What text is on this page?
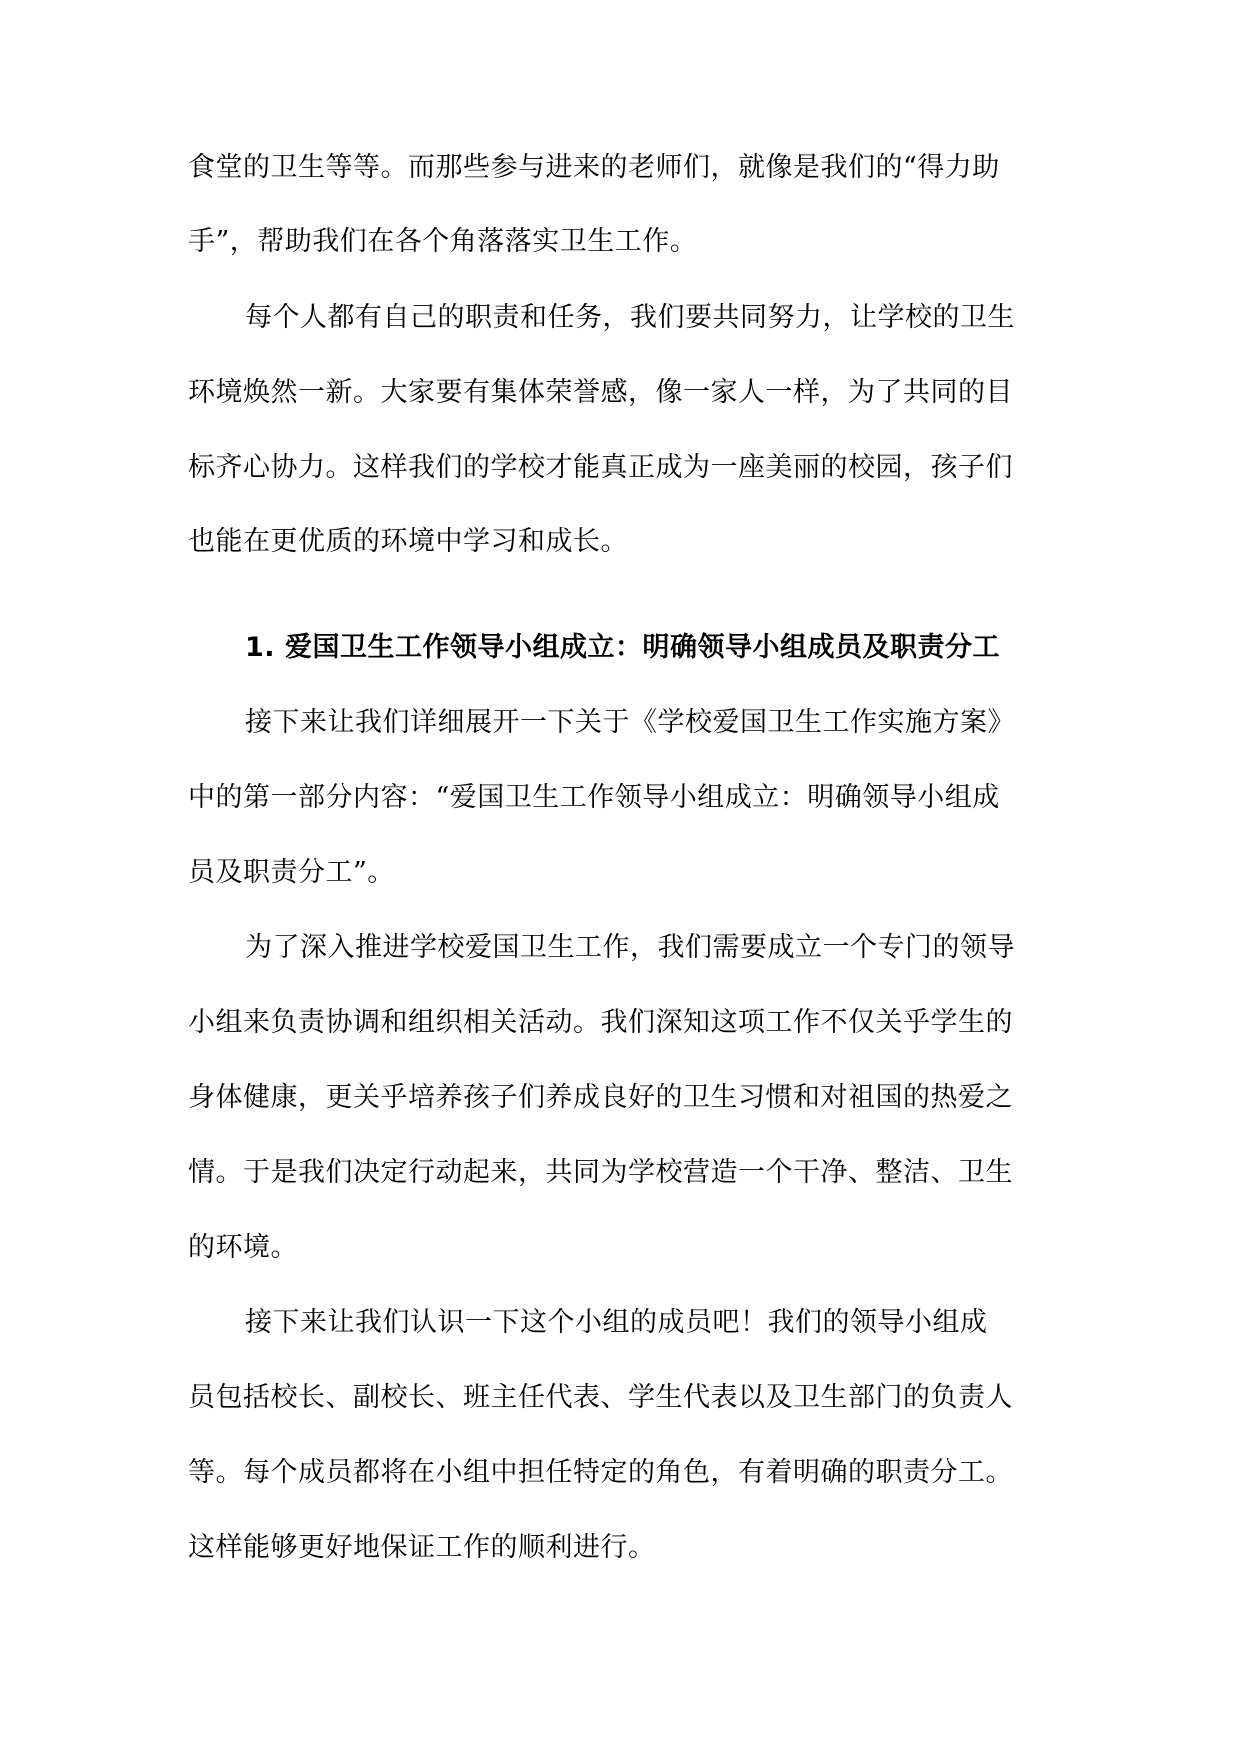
食堂的卫生等等。而那些参与进来的老师们，就像是我们的“得力助
手”，帮助我们在各个角落落实卫生工作。
每个人都有自己的职责和任务，我们要共同努力，让学校的卫生
环境焕然一新。大家要有集体荣誉感，像一家人一样，为了共同的目
标齐心协力。这样我们的学校才能真正成为一座美丽的校园，孩子们
也能在更优质的环境中学习和成长。
1. 爱国卫生工作领导小组成立：明确领导小组成员及职责分工
接下来让我们详细展开一下关于《学校爱国卫生工作实施方案》
中的第一部分内容：“爱国卫生工作领导小组成立：明确领导小组成
员及职责分工”。
为了深入推进学校爱国卫生工作，我们需要成立一个专门的领导
小组来负责协调和组织相关活动。我们深知这项工作不仅关乎学生的
身体健康，更关乎培养孩子们养成良好的卫生习惯和对祖国的热爱之
情。于是我们决定行动起来，共同为学校营造一个干净、整洁、卫生
的环境。
接下来让我们认识一下这个小组的成员吧！我们的领导小组成
员包括校长、副校长、班主任代表、学生代表以及卫生部门的负责人
等。每个成员都将在小组中担任特定的角色，有着明确的职责分工。
这样能够更好地保证工作的顺利进行。
